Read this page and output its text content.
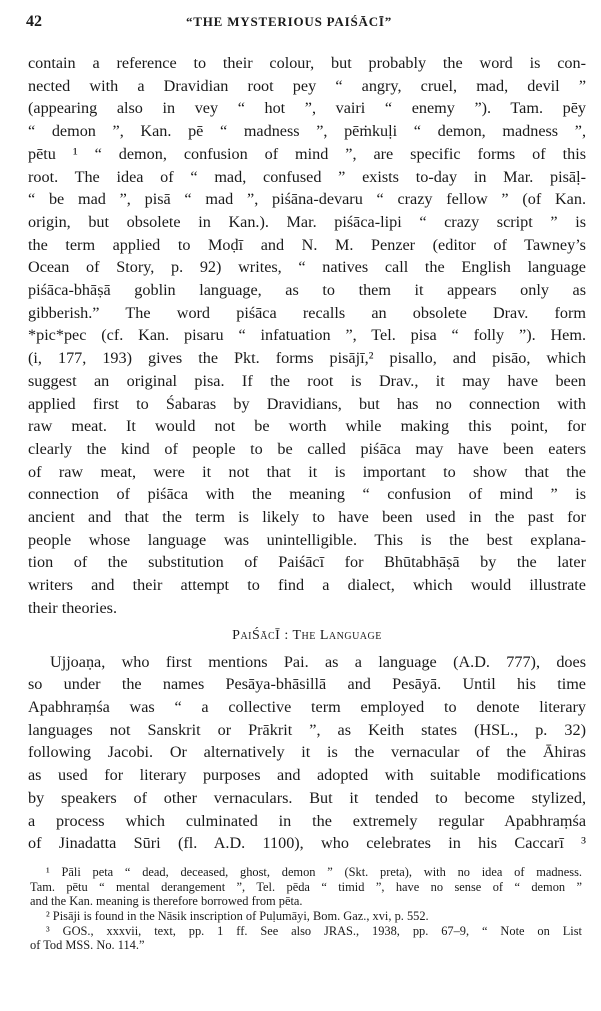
42	“THE MYSTERIOUS PAIŚĀCĪ”
contain a reference to their colour, but probably the word is con-
nected with a Dravidian root pey “ angry, cruel, mad, devil ”
(appearing also in vey “ hot ”, vairi “ enemy ”). Tam. pēy
“ demon ”, Kan. pē “ madness ”, pēṁkuḷi “ demon, madness ”,
pētu ¹ “ demon, confusion of mind ”, are specific forms of this
root. The idea of “ mad, confused ” exists to-day in Mar. pisāḷ-
“ be mad ”, pisā “ mad ”, piśāna-devaru “ crazy fellow ” (of Kan.
origin, but obsolete in Kan.). Mar. piśāca-lipi “ crazy script ” is
the term applied to Moḍī and N. M. Penzer (editor of Tawney’s
Ocean of Story, p. 92) writes, “ natives call the English language
piśāca-bhāṣā goblin language, as to them it appears only as
gibberish.” The word piśāca recalls an obsolete Drav. form
*pic*pec (cf. Kan. pisaru “ infatuation ”, Tel. pisa “ folly ”). Hem.
(i, 177, 193) gives the Pkt. forms pisājī,² pisallo, and pisāo, which
suggest an original pisa. If the root is Drav., it may have been
applied first to Śabaras by Dravidians, but has no connection with
raw meat. It would not be worth while making this point, for
clearly the kind of people to be called piśāca may have been eaters
of raw meat, were it not that it is important to show that the
connection of piśāca with the meaning “ confusion of mind ” is
ancient and that the term is likely to have been used in the past for
people whose language was unintelligible. This is the best explana-
tion of the substitution of Paiśācī for Bhūtabhāṣā by the later
writers and their attempt to find a dialect, which would illustrate
their theories.
PaiŚācĪ : The Language
Ujjoaṇa, who first mentions Pai. as a language (A.D. 777), does
so under the names Pesāya-bhāsillā and Pesāyā. Until his time
Apabhraṃśa was “ a collective term employed to denote literary
languages not Sanskrit or Prākrit ”, as Keith states (HSL., p. 32)
following Jacobi. Or alternatively it is the vernacular of the Āhiras
as used for literary purposes and adopted with suitable modifications
by speakers of other vernaculars. But it tended to become stylized,
a process which culminated in the extremely regular Apabhraṃśa
of Jinadatta Sūri (fl. A.D. 1100), who celebrates in his Caccarī ³
¹ Pāli peta “ dead, deceased, ghost, demon ” (Skt. preta), with no idea of madness.
Tam. pētu “ mental derangement ”, Tel. pēda “ timid ”, have no sense of “ demon ”
and the Kan. meaning is therefore borrowed from pēta.
² Pisāji is found in the Nāsik inscription of Puḷumāyi, Bom. Gaz., xvi, p. 552.
³ GOS., xxxvii, text, pp. 1 ff. See also JRAS., 1938, pp. 67–9, “ Note on List
of Tod MSS. No. 114.”
